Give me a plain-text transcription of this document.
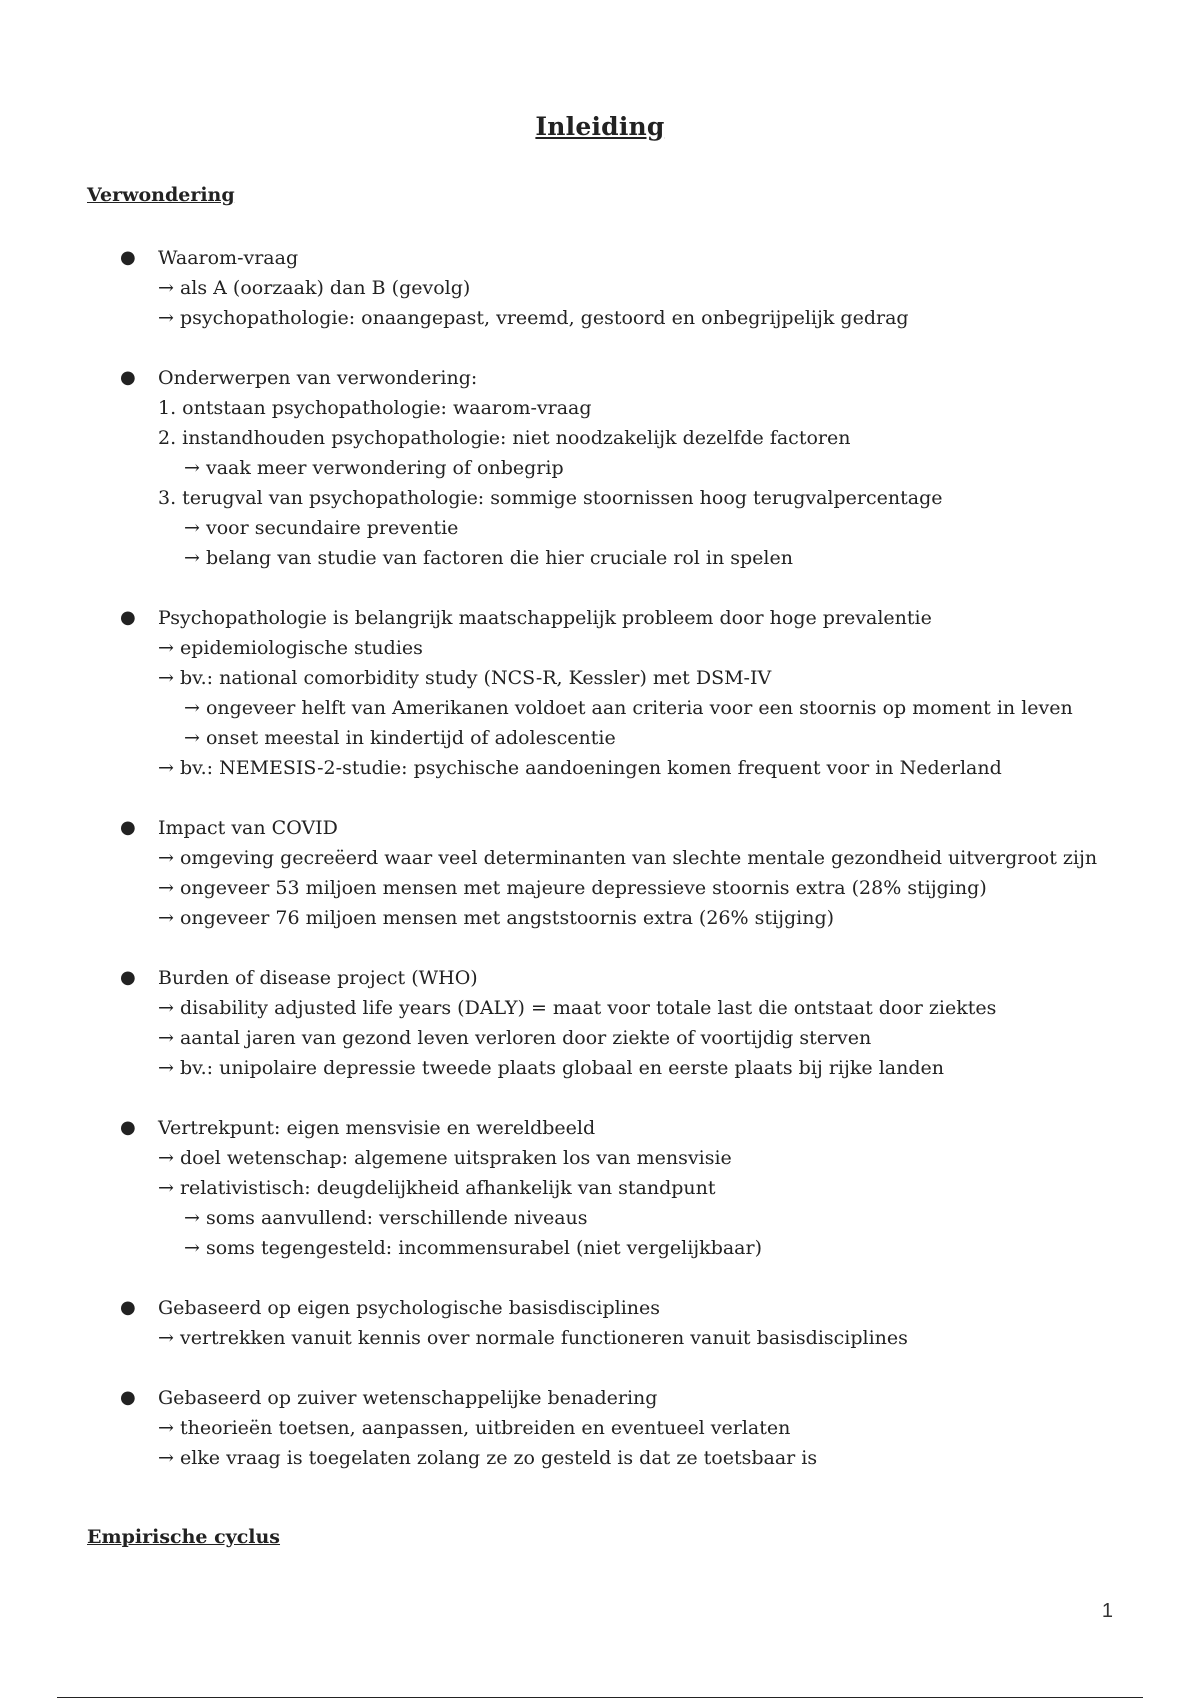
Inleiding
Verwondering
● Waarom-vraag
→ als A (oorzaak) dan B (gevolg)
→ psychopathologie: onaangepast, vreemd, gestoord en onbegrijpelijk gedrag
● Onderwerpen van verwondering:
1. ontstaan psychopathologie: waarom-vraag
2. instandhouden psychopathologie: niet noodzakelijk dezelfde factoren
→ vaak meer verwondering of onbegrip
3. terugval van psychopathologie: sommige stoornissen hoog terugvalpercentage
→ voor secundaire preventie
→ belang van studie van factoren die hier cruciale rol in spelen
● Psychopathologie is belangrijk maatschappelijk probleem door hoge prevalentie
→ epidemiologische studies
→ bv.: national comorbidity study (NCS-R, Kessler) met DSM-IV
→ ongeveer helft van Amerikanen voldoet aan criteria voor een stoornis op moment in leven
→ onset meestal in kindertijd of adolescentie
→ bv.: NEMESIS-2-studie: psychische aandoeningen komen frequent voor in Nederland
● Impact van COVID
→ omgeving gecreëerd waar veel determinanten van slechte mentale gezondheid uitvergroot zijn
→ ongeveer 53 miljoen mensen met majeure depressieve stoornis extra (28% stijging)
→ ongeveer 76 miljoen mensen met angststoornis extra (26% stijging)
● Burden of disease project (WHO)
→ disability adjusted life years (DALY) = maat voor totale last die ontstaat door ziektes
→ aantal jaren van gezond leven verloren door ziekte of voortijdig sterven
→ bv.: unipolaire depressie tweede plaats globaal en eerste plaats bij rijke landen
● Vertrekpunt: eigen mensvisie en wereldbeeld
→ doel wetenschap: algemene uitspraken los van mensvisie
→ relativistisch: deugdelijkheid afhankelijk van standpunt
→ soms aanvullend: verschillende niveaus
→ soms tegengesteld: incommensurabel (niet vergelijkbaar)
● Gebaseerd op eigen psychologische basisdisciplines
→ vertrekken vanuit kennis over normale functioneren vanuit basisdisciplines
● Gebaseerd op zuiver wetenschappelijke benadering
→ theorieën toetsen, aanpassen, uitbreiden en eventueel verlaten
→ elke vraag is toegelaten zolang ze zo gesteld is dat ze toetsbaar is
Empirische cyclus
1
